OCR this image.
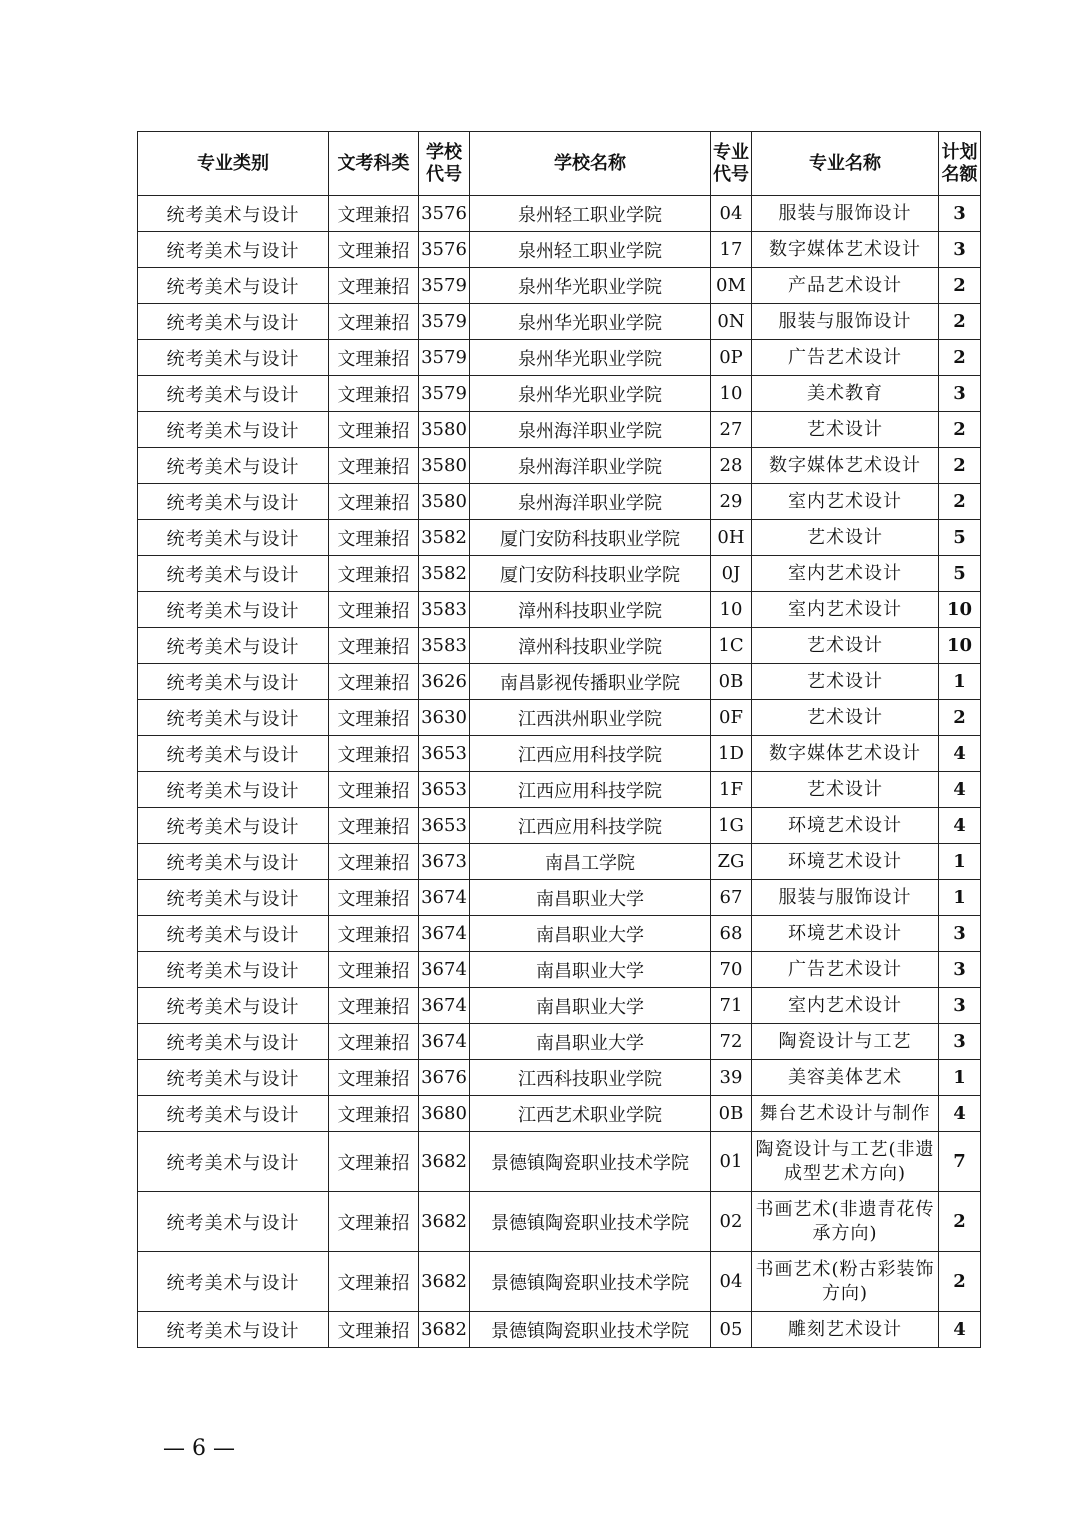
专业类别	文考科类	学校代号	学校名称	专业代号	专业名称	计划名额
统考美术与设计	文理兼招	3576	泉州轻工职业学院	04	服装与服饰设计	3
统考美术与设计	文理兼招	3576	泉州轻工职业学院	17	数字媒体艺术设计	3
统考美术与设计	文理兼招	3579	泉州华光职业学院	0M	产品艺术设计	2
统考美术与设计	文理兼招	3579	泉州华光职业学院	0N	服装与服饰设计	2
统考美术与设计	文理兼招	3579	泉州华光职业学院	0P	广告艺术设计	2
统考美术与设计	文理兼招	3579	泉州华光职业学院	10	美术教育	3
统考美术与设计	文理兼招	3580	泉州海洋职业学院	27	艺术设计	2
统考美术与设计	文理兼招	3580	泉州海洋职业学院	28	数字媒体艺术设计	2
统考美术与设计	文理兼招	3580	泉州海洋职业学院	29	室内艺术设计	2
统考美术与设计	文理兼招	3582	厦门安防科技职业学院	0H	艺术设计	5
统考美术与设计	文理兼招	3582	厦门安防科技职业学院	0J	室内艺术设计	5
统考美术与设计	文理兼招	3583	漳州科技职业学院	10	室内艺术设计	10
统考美术与设计	文理兼招	3583	漳州科技职业学院	1C	艺术设计	10
统考美术与设计	文理兼招	3626	南昌影视传播职业学院	0B	艺术设计	1
统考美术与设计	文理兼招	3630	江西洪州职业学院	0F	艺术设计	2
统考美术与设计	文理兼招	3653	江西应用科技学院	1D	数字媒体艺术设计	4
统考美术与设计	文理兼招	3653	江西应用科技学院	1F	艺术设计	4
统考美术与设计	文理兼招	3653	江西应用科技学院	1G	环境艺术设计	4
统考美术与设计	文理兼招	3673	南昌工学院	ZG	环境艺术设计	1
统考美术与设计	文理兼招	3674	南昌职业大学	67	服装与服饰设计	1
统考美术与设计	文理兼招	3674	南昌职业大学	68	环境艺术设计	3
统考美术与设计	文理兼招	3674	南昌职业大学	70	广告艺术设计	3
统考美术与设计	文理兼招	3674	南昌职业大学	71	室内艺术设计	3
统考美术与设计	文理兼招	3674	南昌职业大学	72	陶瓷设计与工艺	3
统考美术与设计	文理兼招	3676	江西科技职业学院	39	美容美体艺术	1
统考美术与设计	文理兼招	3680	江西艺术职业学院	0B	舞台艺术设计与制作	4
统考美术与设计	文理兼招	3682	景德镇陶瓷职业技术学院	01	陶瓷设计与工艺(非遗成型艺术方向)	7
统考美术与设计	文理兼招	3682	景德镇陶瓷职业技术学院	02	书画艺术(非遗青花传承方向)	2
统考美术与设计	文理兼招	3682	景德镇陶瓷职业技术学院	04	书画艺术(粉古彩装饰方向)	2
统考美术与设计	文理兼招	3682	景德镇陶瓷职业技术学院	05	雕刻艺术设计	4
— 6 —
